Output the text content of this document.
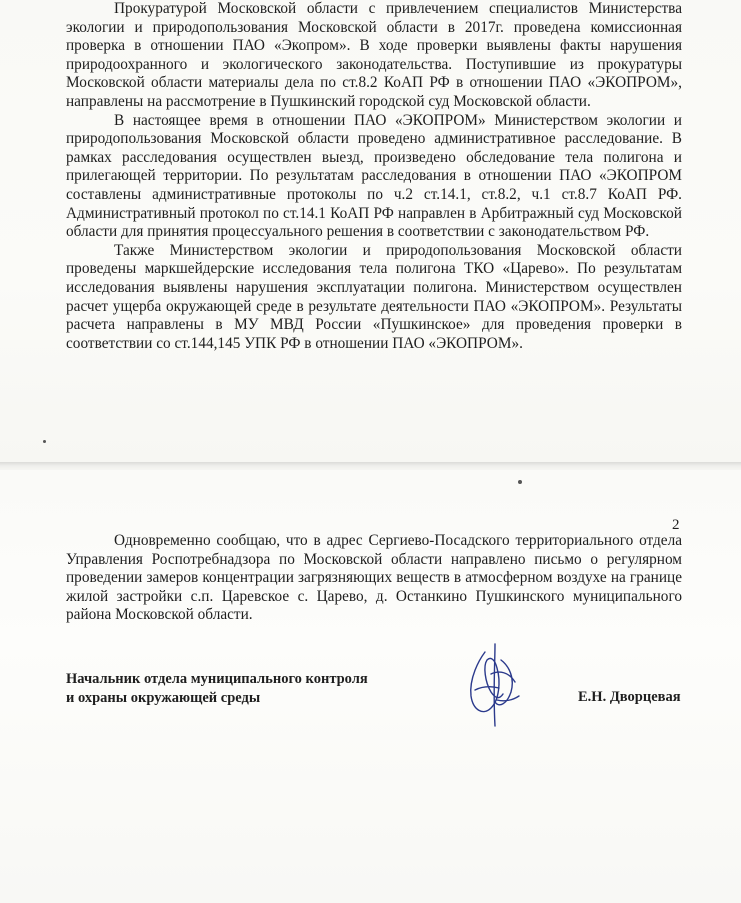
Прокуратурой Московской области с привлечением специалистов Министерства экологии и природопользования Московской области в 2017г. проведена комиссионная проверка в отношении ПАО «Экопром». В ходе проверки выявлены факты нарушения природоохранного и экологического законодательства. Поступившие из прокуратуры Московской области материалы дела по ст.8.2 КоАП РФ в отношении ПАО «ЭКОПРОМ», направлены на рассмотрение в Пушкинский городской суд Московской области.

В настоящее время в отношении ПАО «ЭКОПРОМ» Министерством экологии и природопользования Московской области проведено административное расследование. В рамках расследования осуществлен выезд, произведено обследование тела полигона и прилегающей территории. По результатам расследования в отношении ПАО «ЭКОПРОМ составлены административные протоколы по ч.2 ст.14.1, ст.8.2, ч.1 ст.8.7 КоАП РФ. Административный протокол по ст.14.1 КоАП РФ направлен в Арбитражный суд Московской области для принятия процессуального решения в соответствии с законодательством РФ.

Также Министерством экологии и природопользования Московской области проведены маркшейдерские исследования тела полигона ТКО «Царево». По результатам исследования выявлены нарушения эксплуатации полигона. Министерством осуществлен расчет ущерба окружающей среде в результате деятельности ПАО «ЭКОПРОМ». Результаты расчета направлены в МУ МВД России «Пушкинское» для проведения проверки в соответствии со ст.144,145 УПК РФ в отношении ПАО «ЭКОПРОМ».

2

Одновременно сообщаю, что в адрес Сергиево-Посадского территориального отдела Управления Роспотребнадзора по Московской области направлено письмо о регулярном проведении замеров концентрации загрязняющих веществ в атмосферном воздухе на границе жилой застройки с.п. Царевское с. Царево, д. Останкино Пушкинского муниципального района Московской области.

Начальник отдела муниципального контроля
и охраны окружающей среды	Е.Н. Дворцевая
